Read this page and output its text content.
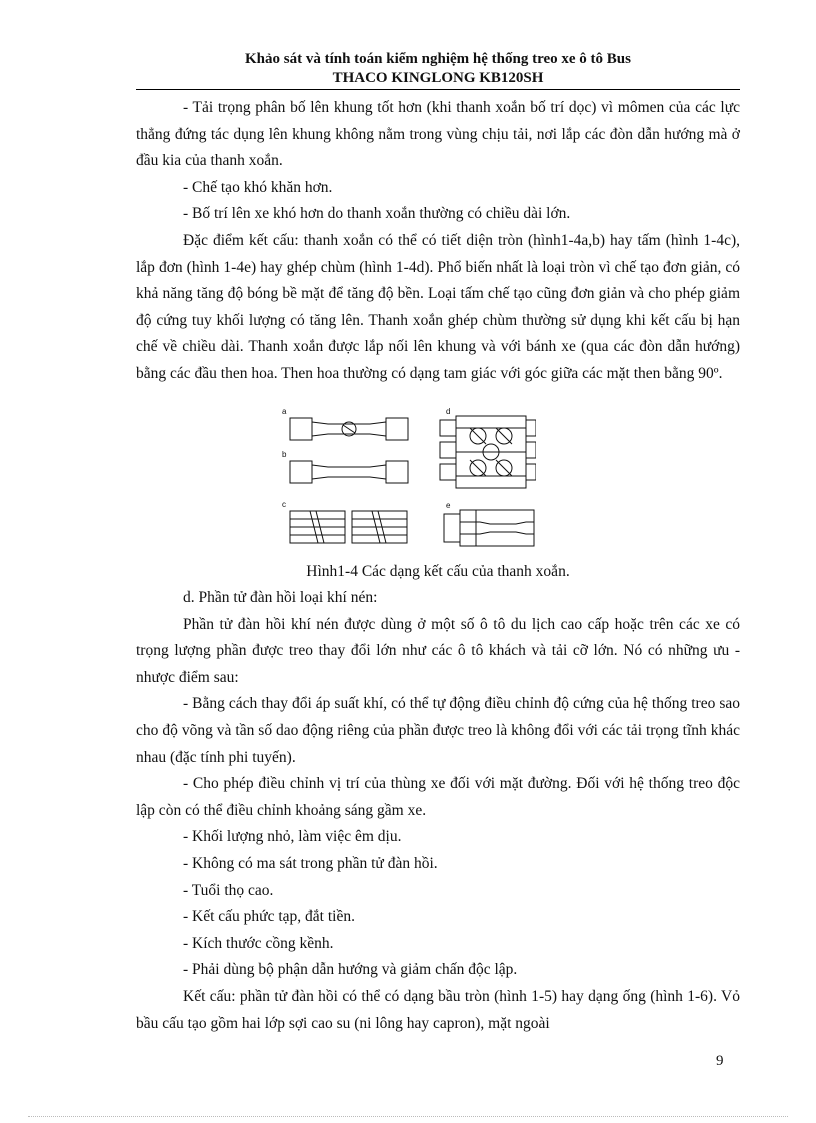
Khảo sát và tính toán kiểm nghiệm hệ thống treo xe ô tô Bus
THACO KINGLONG KB120SH

- Tải trọng phân bố lên khung tốt hơn (khi thanh xoắn bố trí dọc) vì mômen của các lực thẳng đứng tác dụng lên khung không nằm trong vùng chịu tải, nơi lắp các đòn dẫn hướng mà ở đầu kia của thanh xoắn.

- Chế tạo khó khăn hơn.

- Bố trí lên xe khó hơn do thanh xoắn thường có chiều dài lớn.

Đặc điểm kết cấu: thanh xoắn có thể có tiết diện tròn (hình1-4a,b) hay tấm (hình 1-4c), lắp đơn (hình 1-4e) hay ghép chùm (hình 1-4d). Phổ biến nhất là loại tròn vì chế tạo đơn giản, có khả năng tăng độ bóng bề mặt để tăng độ bền. Loại tấm chế tạo cũng đơn giản và cho phép giảm độ cứng tuy khối lượng có tăng lên. Thanh xoắn ghép chùm thường sử dụng khi kết cấu bị hạn chế về chiều dài. Thanh xoắn được lắp nối lên khung và với bánh xe (qua các đòn dẫn hướng) bằng các đầu then hoa. Then hoa thường có dạng tam giác với góc giữa các mặt then bằng 90º.

a
b
c
d
e
Hình1-4 Các dạng kết cấu của thanh xoắn.

d. Phần tử đàn hồi loại khí nén:

Phần tử đàn hồi khí nén được dùng ở một số ô tô du lịch cao cấp hoặc trên các xe có trọng lượng phần được treo thay đổi lớn như các ô tô khách và tải cỡ lớn. Nó có những ưu - nhược điểm sau:

- Bằng cách thay đổi áp suất khí, có thể tự động điều chỉnh độ cứng của hệ thống treo sao cho độ võng và tần số dao động riêng của phần được treo là không đổi với các tải trọng tĩnh khác nhau (đặc tính phi tuyến).

- Cho phép điều chỉnh vị trí của thùng xe đối với mặt đường. Đối với hệ thống treo độc lập còn có thể điều chỉnh khoảng sáng gầm xe.

- Khối lượng nhỏ, làm việc êm dịu.

- Không có ma sát trong phần tử đàn hồi.

- Tuổi thọ cao.

- Kết cấu phức tạp, đắt tiền.

- Kích thước cồng kềnh.

- Phải dùng bộ phận dẫn hướng và giảm chấn độc lập.

Kết cấu: phần tử đàn hồi có thể có dạng bầu tròn (hình 1-5) hay dạng ống (hình 1-6). Vỏ bầu cấu tạo gồm hai lớp sợi cao su (ni lông hay capron), mặt ngoài

9
